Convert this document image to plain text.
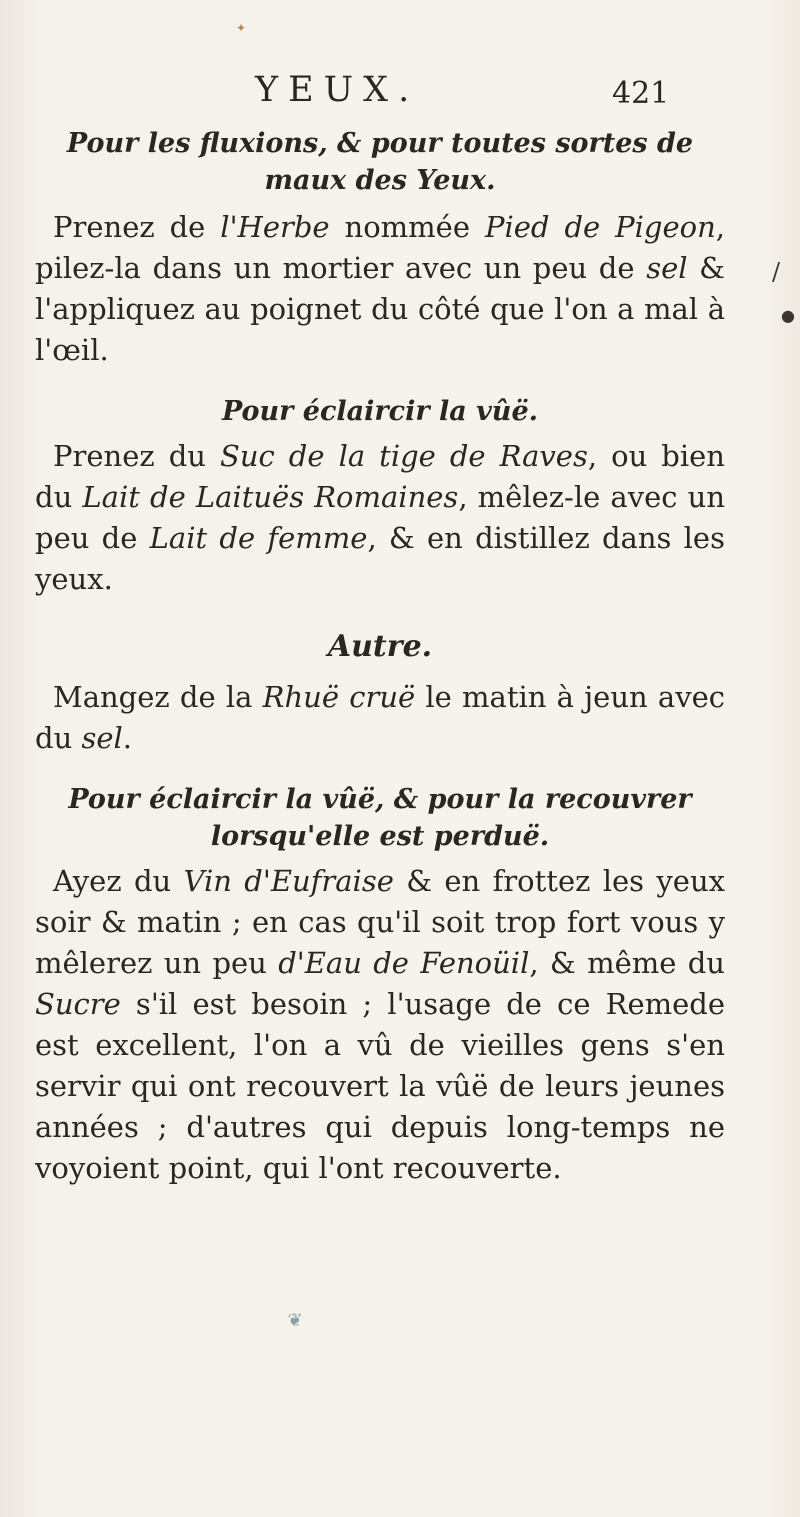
✦
YEUX.	421

Pour les fluxions, & pour toutes sortes de maux des Yeux.

Prenez de l'Herbe nommée Pied de Pigeon, pilez-la dans un mortier avec un peu de sel & l'appliquez au poignet du côté que l'on a mal à l'œil.

Pour éclaircir la vûë.

Prenez du Suc de la tige de Raves, ou bien du Lait de Laituës Romaines, mêlez-le avec un peu de Lait de femme, & en distillez dans les yeux.

Autre.

Mangez de la Rhuë cruë le matin à jeun avec du sel.

Pour éclaircir la vûë, & pour la recouvrer lorsqu'elle est perduë.

Ayez du Vin d'Eufraise & en frottez les yeux soir & matin ; en cas qu'il soit trop fort vous y mêlerez un peu d'Eau de Fenoüil, & même du Sucre s'il est besoin ; l'usage de ce Remede est excellent, l'on a vû de vieilles gens s'en servir qui ont recouvert la vûë de leurs jeunes années ; d'autres qui depuis long-temps ne voyoient point, qui l'ont recouverte.

❦
/
●
